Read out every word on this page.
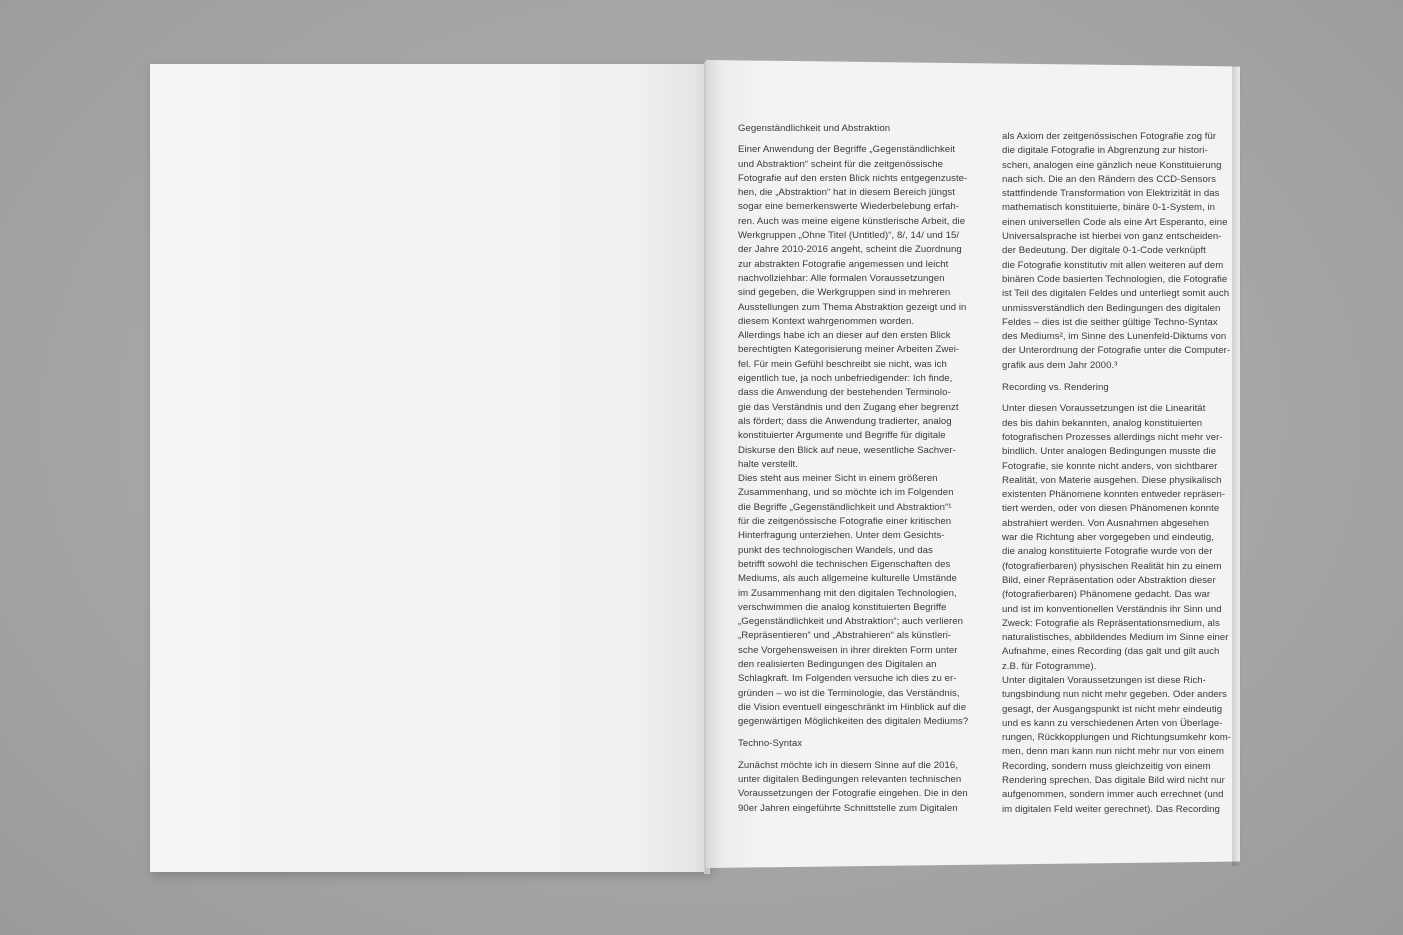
Gegenständlichkeit und Abstraktion

Einer Anwendung der Begriffe „Gegenständlichkeit
und Abstraktion“ scheint für die zeitgenössische
Fotografie auf den ersten Blick nichts entgegenzuste-
hen, die „Abstraktion“ hat in diesem Bereich jüngst
sogar eine bemerkenswerte Wiederbelebung erfah-
ren. Auch was meine eigene künstlerische Arbeit, die
Werkgruppen „Ohne Titel (Untitled)“, 8/, 14/ und 15/
der Jahre 2010-2016 angeht, scheint die Zuordnung
zur abstrakten Fotografie angemessen und leicht
nachvollziehbar: Alle formalen Voraussetzungen
sind gegeben, die Werkgruppen sind in mehreren
Ausstellungen zum Thema Abstraktion gezeigt und in
diesem Kontext wahrgenommen worden.

Allerdings habe ich an dieser auf den ersten Blick
berechtigten Kategorisierung meiner Arbeiten Zwei-
fel. Für mein Gefühl beschreibt sie nicht, was ich
eigentlich tue, ja noch unbefriedigender: Ich finde,
dass die Anwendung der bestehenden Terminolo-
gie das Verständnis und den Zugang eher begrenzt
als fördert; dass die Anwendung tradierter, analog
konstituierter Argumente und Begriffe für digitale
Diskurse den Blick auf neue, wesentliche Sachver-
halte verstellt.

Dies steht aus meiner Sicht in einem größeren
Zusammenhang, und so möchte ich im Folgenden
die Begriffe „Gegenständlichkeit und Abstraktion“¹
für die zeitgenössische Fotografie einer kritischen
Hinterfragung unterziehen. Unter dem Gesichts-
punkt des technologischen Wandels, und das
betrifft sowohl die technischen Eigenschaften des
Mediums, als auch allgemeine kulturelle Umstände
im Zusammenhang mit den digitalen Technologien,
verschwimmen die analog konstituierten Begriffe
„Gegenständlichkeit und Abstraktion“; auch verlieren
„Repräsentieren“ und „Abstrahieren“ als künstleri-
sche Vorgehensweisen in ihrer direkten Form unter
den realisierten Bedingungen des Digitalen an
Schlagkraft. Im Folgenden versuche ich dies zu er-
gründen – wo ist die Terminologie, das Verständnis,
die Vision eventuell eingeschränkt im Hinblick auf die
gegenwärtigen Möglichkeiten des digitalen Mediums?

Techno-Syntax

Zunächst möchte ich in diesem Sinne auf die 2016,
unter digitalen Bedingungen relevanten technischen
Voraussetzungen der Fotografie eingehen. Die in den
90er Jahren eingeführte Schnittstelle zum Digitalen

als Axiom der zeitgenössischen Fotografie zog für
die digitale Fotografie in Abgrenzung zur histori-
schen, analogen eine gänzlich neue Konstituierung
nach sich. Die an den Rändern des CCD-Sensors
stattfindende Transformation von Elektrizität in das
mathematisch konstituierte, binäre 0-1-System, in
einen universellen Code als eine Art Esperanto, eine
Universalsprache ist hierbei von ganz entscheiden-
der Bedeutung. Der digitale 0-1-Code verknüpft
die Fotografie konstitutiv mit allen weiteren auf dem
binären Code basierten Technologien, die Fotografie
ist Teil des digitalen Feldes und unterliegt somit auch
unmissverständlich den Bedingungen des digitalen
Feldes – dies ist die seither gültige Techno-Syntax
des Mediums², im Sinne des Lunenfeld-Diktums von
der Unterordnung der Fotografie unter die Computer-
grafik aus dem Jahr 2000.³

Recording vs. Rendering

Unter diesen Voraussetzungen ist die Linearität
des bis dahin bekannten, analog konstituierten
fotografischen Prozesses allerdings nicht mehr ver-
bindlich. Unter analogen Bedingungen musste die
Fotografie, sie konnte nicht anders, von sichtbarer
Realität, von Materie ausgehen. Diese physikalisch
existenten Phänomene konnten entweder repräsen-
tiert werden, oder von diesen Phänomenen konnte
abstrahiert werden. Von Ausnahmen abgesehen
war die Richtung aber vorgegeben und eindeutig,
die analog konstituierte Fotografie wurde von der
(fotografierbaren) physischen Realität hin zu einem
Bild, einer Repräsentation oder Abstraktion dieser
(fotografierbaren) Phänomene gedacht. Das war
und ist im konventionellen Verständnis ihr Sinn und
Zweck: Fotografie als Repräsentationsmedium, als
naturalistisches, abbildendes Medium im Sinne einer
Aufnahme, eines Recording (das galt und gilt auch
z.B. für Fotogramme).

Unter digitalen Voraussetzungen ist diese Rich-
tungsbindung nun nicht mehr gegeben. Oder anders
gesagt, der Ausgangspunkt ist nicht mehr eindeutig
und es kann zu verschiedenen Arten von Überlage-
rungen, Rückkopplungen und Richtungsumkehr kom-
men, denn man kann nun nicht mehr nur von einem
Recording, sondern muss gleichzeitig von einem
Rendering sprechen. Das digitale Bild wird nicht nur
aufgenommen, sondern immer auch errechnet (und
im digitalen Feld weiter gerechnet). Das Recording
